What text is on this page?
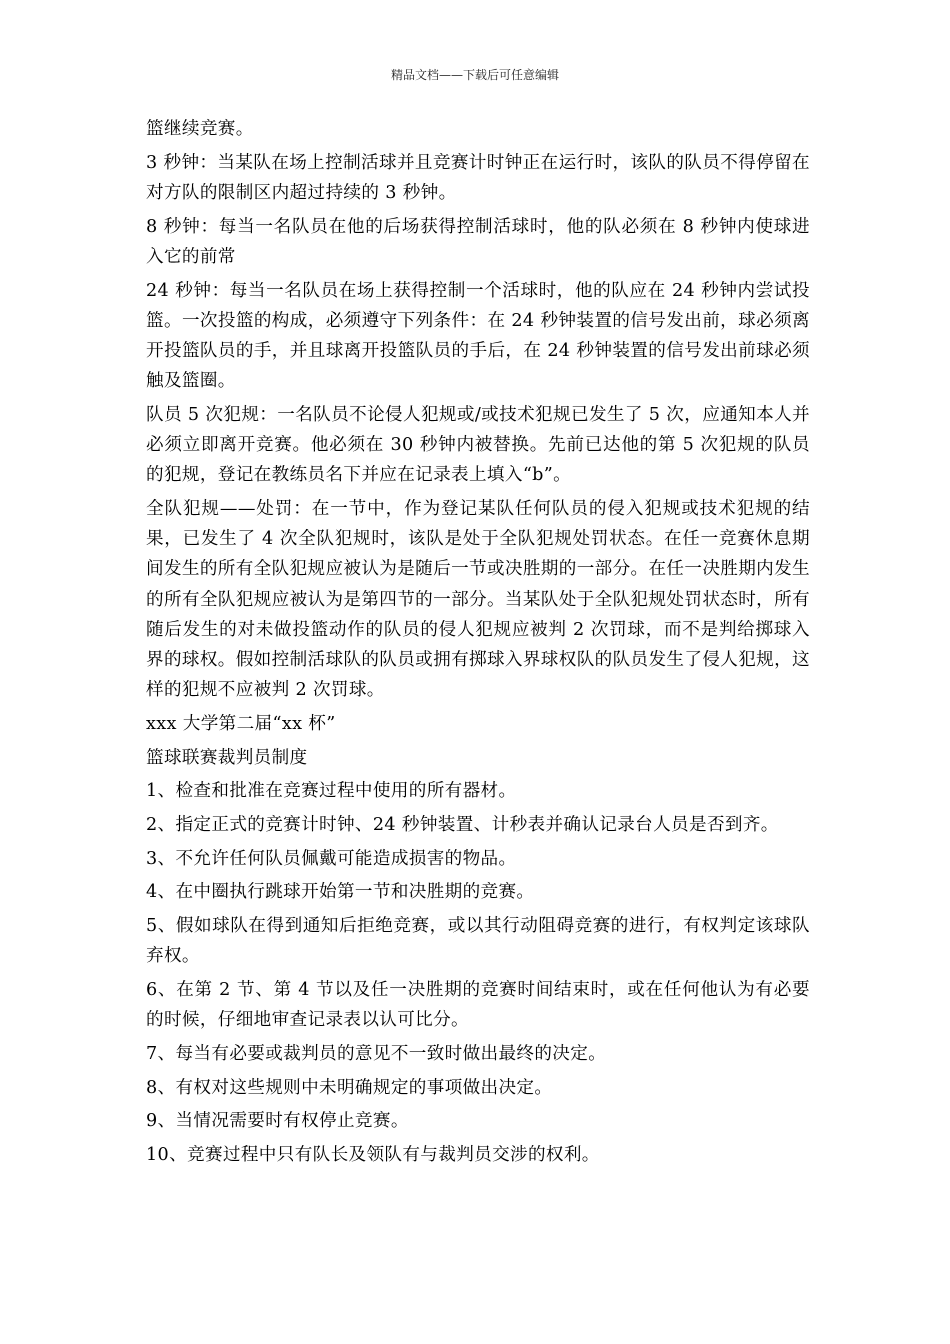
精品文档——下载后可任意编辑

篮继续竞赛。

3 秒钟：当某队在场上控制活球并且竞赛计时钟正在运行时，该队的队员不得停留在对方队的限制区内超过持续的 3 秒钟。

8 秒钟：每当一名队员在他的后场获得控制活球时，他的队必须在 8 秒钟内使球进入它的前常

24 秒钟：每当一名队员在场上获得控制一个活球时，他的队应在 24 秒钟内尝试投篮。一次投篮的构成，必须遵守下列条件：在 24 秒钟装置的信号发出前，球必须离开投篮队员的手，并且球离开投篮队员的手后，在 24 秒钟装置的信号发出前球必须触及篮圈。

队员 5 次犯规：一名队员不论侵人犯规或/或技术犯规已发生了 5 次，应通知本人并必须立即离开竞赛。他必须在 30 秒钟内被替换。先前已达他的第 5 次犯规的队员的犯规，登记在教练员名下并应在记录表上填入“b”。

全队犯规——处罚：在一节中，作为登记某队任何队员的侵入犯规或技术犯规的结果，已发生了 4 次全队犯规时，该队是处于全队犯规处罚状态。在任一竞赛休息期间发生的所有全队犯规应被认为是随后一节或决胜期的一部分。在任一决胜期内发生的所有全队犯规应被认为是第四节的一部分。当某队处于全队犯规处罚状态时，所有随后发生的对未做投篮动作的队员的侵人犯规应被判 2 次罚球，而不是判给掷球入界的球权。假如控制活球队的队员或拥有掷球入界球权队的队员发生了侵人犯规，这样的犯规不应被判 2 次罚球。

xxx 大学第二届“xx 杯”

篮球联赛裁判员制度

1、检查和批准在竞赛过程中使用的所有器材。

2、指定正式的竞赛计时钟、24 秒钟装置、计秒表并确认记录台人员是否到齐。

3、不允许任何队员佩戴可能造成损害的物品。

4、在中圈执行跳球开始第一节和决胜期的竞赛。

5、假如球队在得到通知后拒绝竞赛，或以其行动阻碍竞赛的进行，有权判定该球队弃权。

6、在第 2 节、第 4 节以及任一决胜期的竞赛时间结束时，或在任何他认为有必要的时候，仔细地审查记录表以认可比分。

7、每当有必要或裁判员的意见不一致时做出最终的决定。

8、有权对这些规则中未明确规定的事项做出决定。

9、当情况需要时有权停止竞赛。

10、竞赛过程中只有队长及领队有与裁判员交涉的权利。
